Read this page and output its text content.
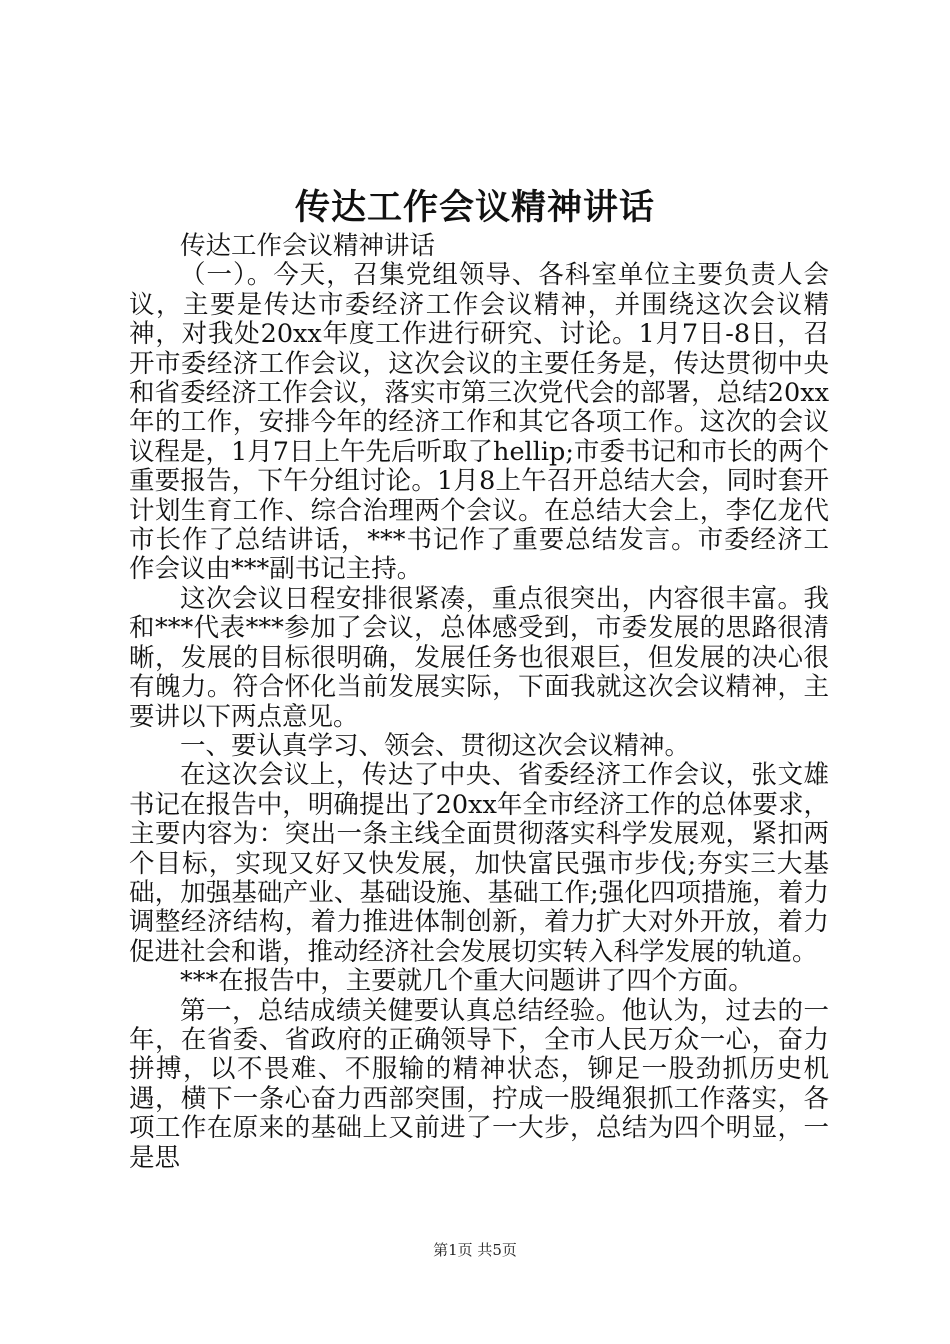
传达工作会议精神讲话

传达工作会议精神讲话

（一）。今天，召集党组领导、各科室单位主要负责人会议，主要是传达市委经济工作会议精神，并围绕这次会议精神，对我处20xx年度工作进行研究、讨论。1月7日-8日，召开市委经济工作会议，这次会议的主要任务是，传达贯彻中央和省委经济工作会议，落实市第三次党代会的部署，总结20xx年的工作，安排今年的经济工作和其它各项工作。这次的会议议程是，1月7日上午先后听取了hellip;市委书记和市长的两个重要报告，下午分组讨论。1月8上午召开总结大会，同时套开计划生育工作、综合治理两个会议。在总结大会上，李亿龙代市长作了总结讲话，***书记作了重要总结发言。市委经济工作会议由***副书记主持。

这次会议日程安排很紧凑，重点很突出，内容很丰富。我和***代表***参加了会议，总体感受到，市委发展的思路很清晰，发展的目标很明确，发展任务也很艰巨，但发展的决心很有魄力。符合怀化当前发展实际，下面我就这次会议精神，主要讲以下两点意见。

一、要认真学习、领会、贯彻这次会议精神。

在这次会议上，传达了中央、省委经济工作会议，张文雄书记在报告中，明确提出了20xx年全市经济工作的总体要求，主要内容为：突出一条主线全面贯彻落实科学发展观，紧扣两个目标，实现又好又快发展，加快富民强市步伐;夯实三大基础，加强基础产业、基础设施、基础工作;强化四项措施，着力调整经济结构，着力推进体制创新，着力扩大对外开放，着力促进社会和谐，推动经济社会发展切实转入科学发展的轨道。

***在报告中，主要就几个重大问题讲了四个方面。

第一，总结成绩关健要认真总结经验。他认为，过去的一年，在省委、省政府的正确领导下，全市人民万众一心，奋力拼搏，以不畏难、不服输的精神状态，铆足一股劲抓历史机遇，横下一条心奋力西部突围，拧成一股绳狠抓工作落实，各项工作在原来的基础上又前进了一大步，总结为四个明显，一是思

第1页 共5页
